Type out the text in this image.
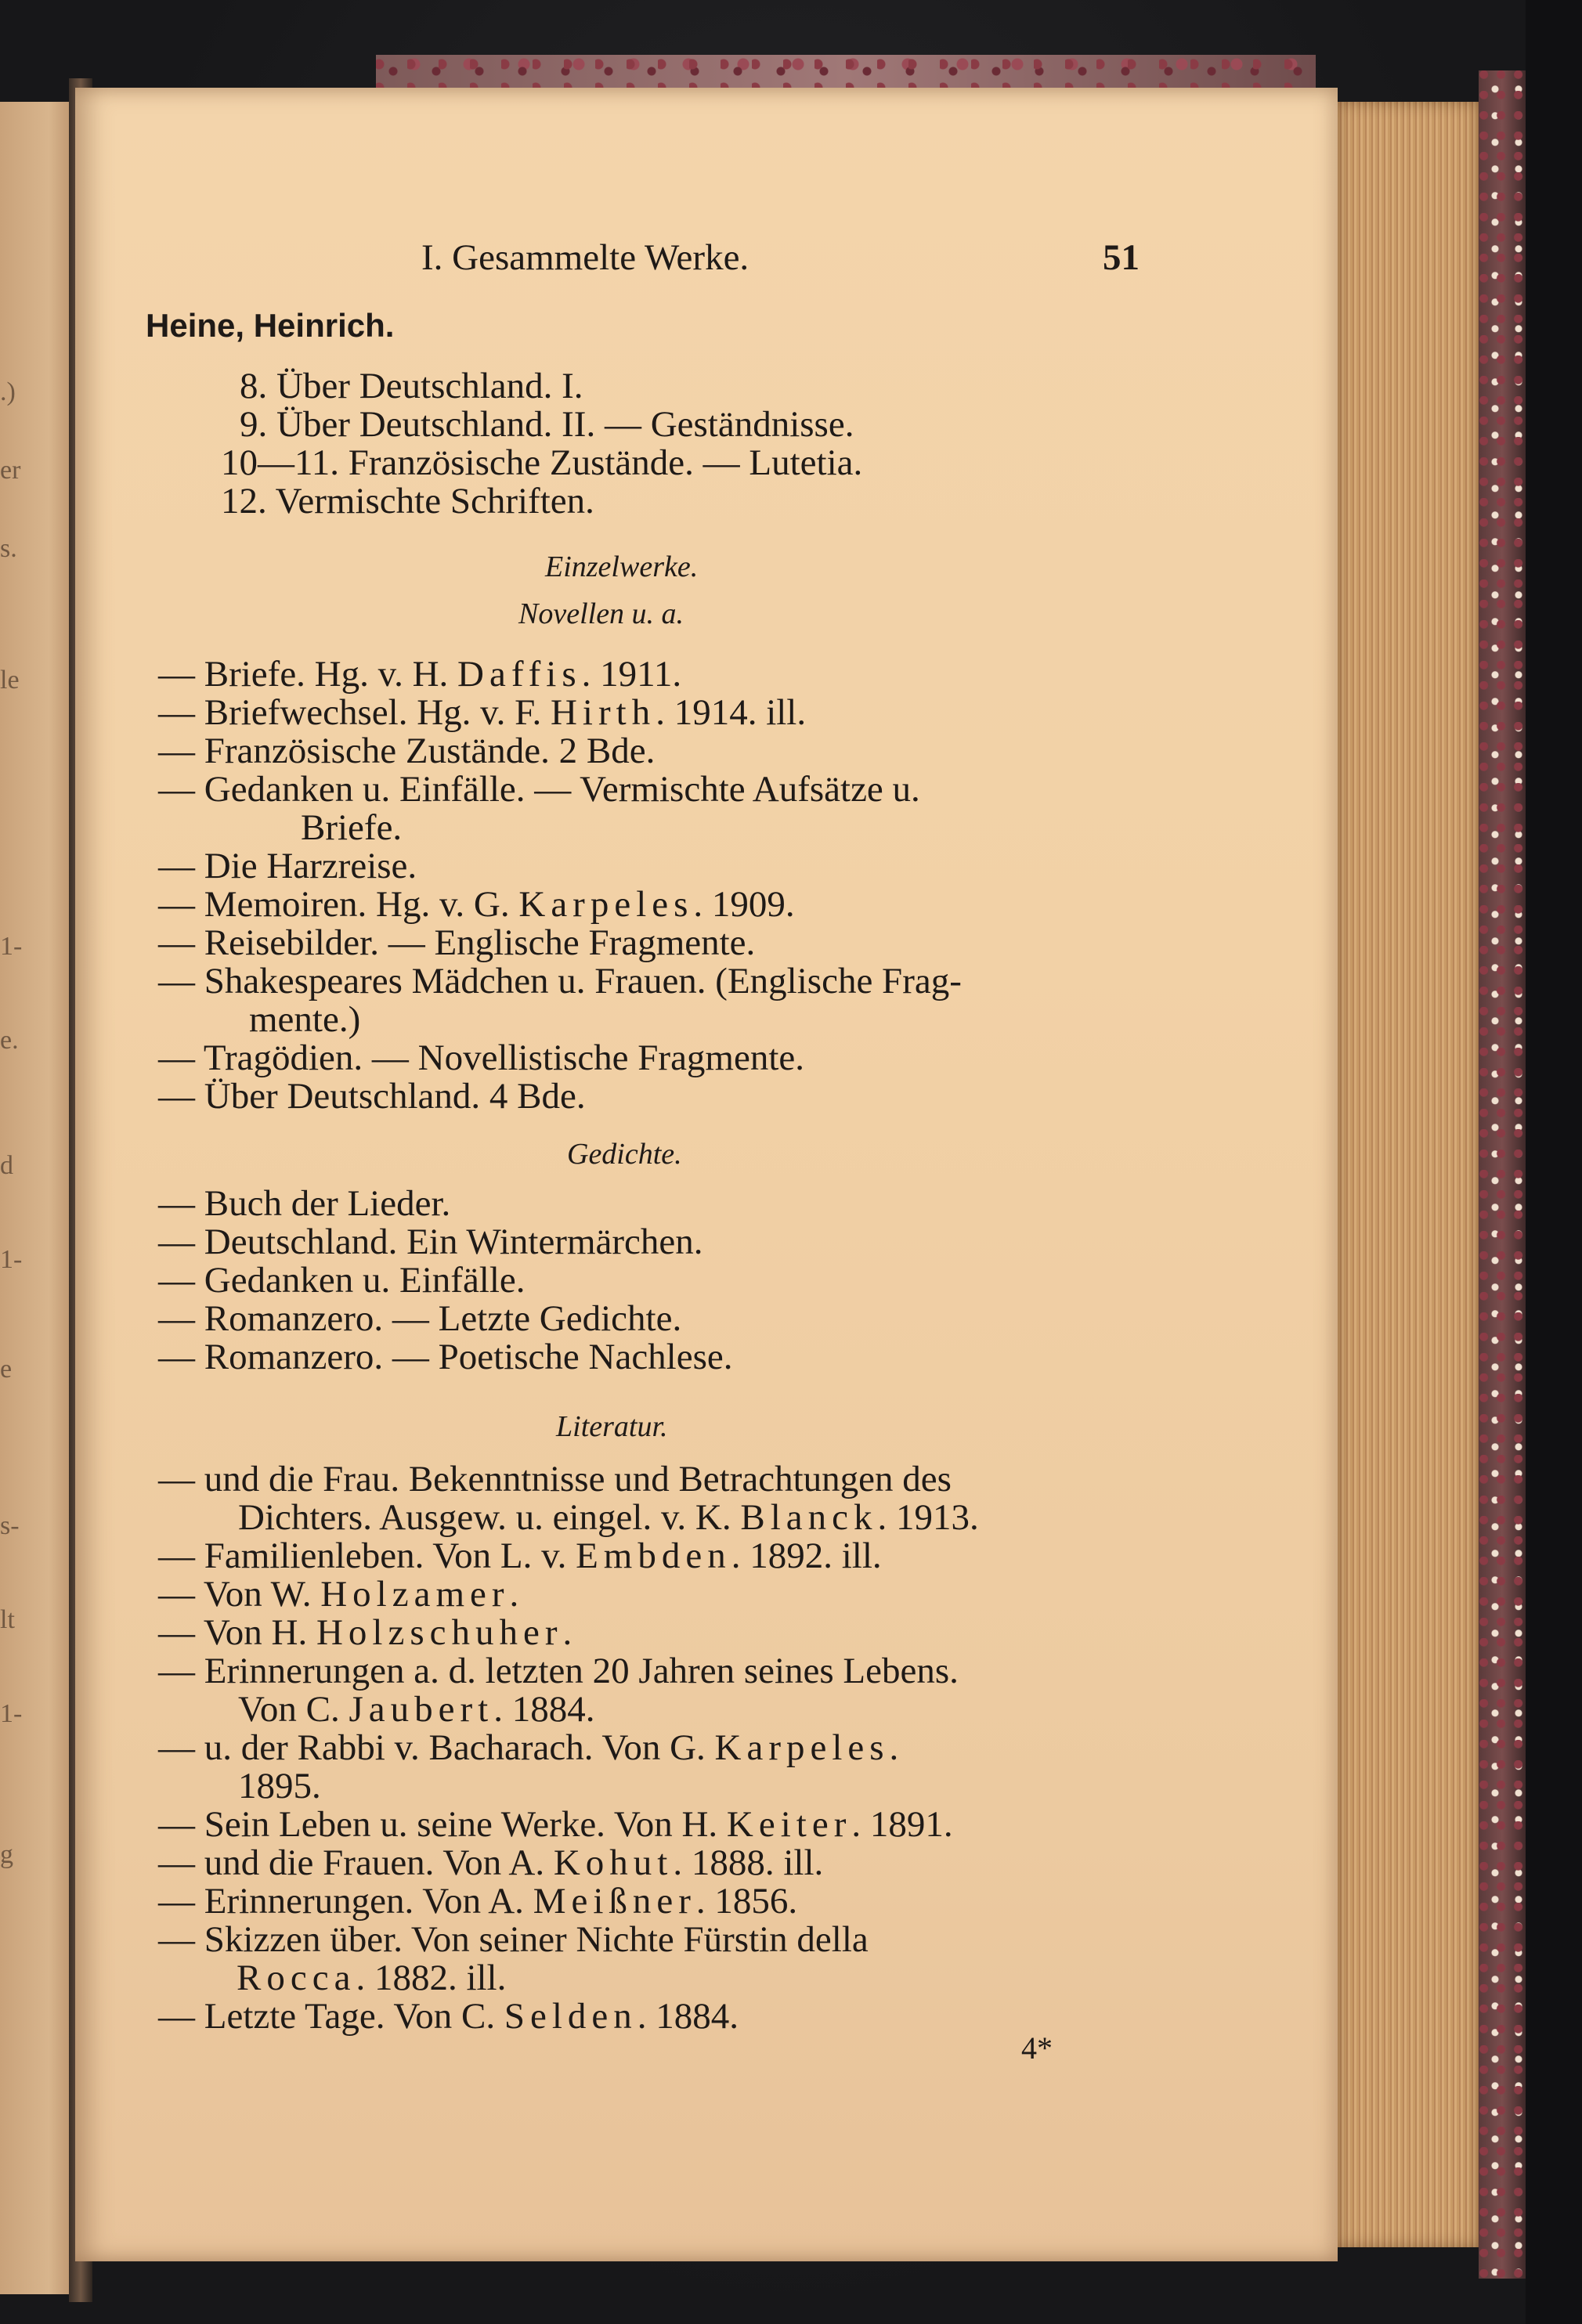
.)
er
s.
le
1-
e.
d
1-
e
s-
lt
1-
g
I. Gesammelte Werke.	51
Heine, Heinrich.
8. Über Deutschland. I.
9. Über Deutschland. II. — Geständnisse.
10—11. Französische Zustände. — Lutetia.
12. Vermischte Schriften.
Einzelwerke.
Novellen u. a.
— Briefe. Hg. v. H. Daffis. 1911.
— Briefwechsel. Hg. v. F. Hirth. 1914. ill.
— Französische Zustände. 2 Bde.
— Gedanken u. Einfälle. — Vermischte Aufsätze u.
Briefe.
— Die Harzreise.
— Memoiren. Hg. v. G. Karpeles. 1909.
— Reisebilder. — Englische Fragmente.
— Shakespeares Mädchen u. Frauen. (Englische Frag-
mente.)
— Tragödien. — Novellistische Fragmente.
— Über Deutschland. 4 Bde.
Gedichte.
— Buch der Lieder.
— Deutschland. Ein Wintermärchen.
— Gedanken u. Einfälle.
— Romanzero. — Letzte Gedichte.
— Romanzero. — Poetische Nachlese.
Literatur.
— und die Frau. Bekenntnisse und Betrachtungen des
Dichters. Ausgew. u. eingel. v. K. Blanck. 1913.
— Familienleben. Von L. v. Embden. 1892. ill.
— Von W. Holzamer.
— Von H. Holzschuher.
— Erinnerungen a. d. letzten 20 Jahren seines Lebens.
Von C. Jaubert. 1884.
— u. der Rabbi v. Bacharach. Von G. Karpeles.
1895.
— Sein Leben u. seine Werke. Von H. Keiter. 1891.
— und die Frauen. Von A. Kohut. 1888. ill.
— Erinnerungen. Von A. Meißner. 1856.
— Skizzen über. Von seiner Nichte Fürstin della
Rocca. 1882. ill.
— Letzte Tage. Von C. Selden. 1884.
4*
